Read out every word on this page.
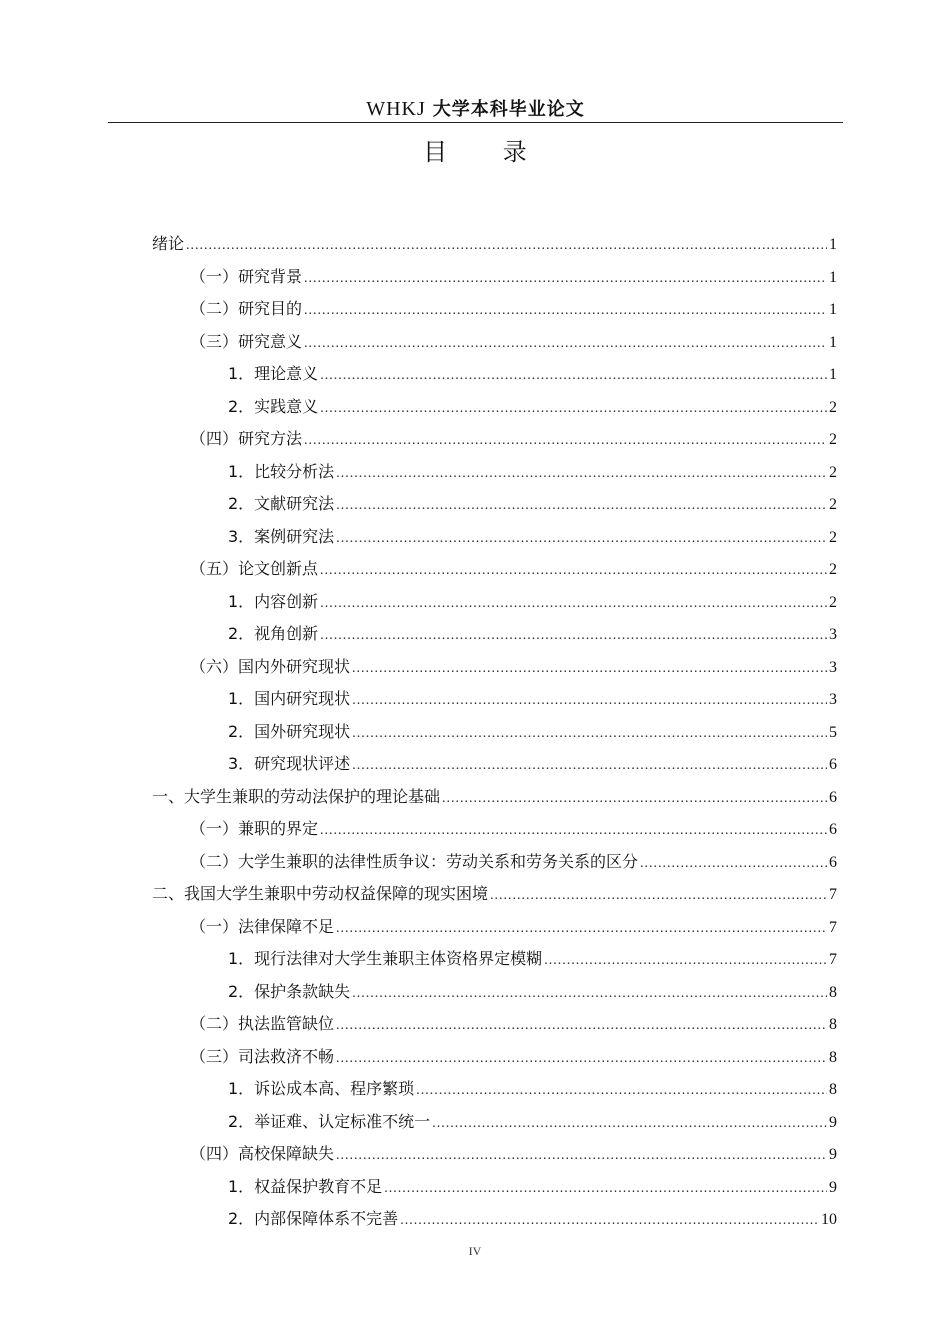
WHKJ 大学本科毕业论文
目 录
绪论 .....	1
（一）研究背景 .....	1
（二）研究目的 .....	1
（三）研究意义 .....	1
1．理论意义 .....	1
2．实践意义 .....	2
（四）研究方法 .....	2
1．比较分析法 .....	2
2．文献研究法 .....	2
3．案例研究法 .....	2
（五）论文创新点 .....	2
1．内容创新 .....	2
2．视角创新 .....	3
（六）国内外研究现状 .....	3
1．国内研究现状 .....	3
2．国外研究现状 .....	5
3．研究现状评述 .....	6
一、大学生兼职的劳动法保护的理论基础 .....	6
（一）兼职的界定 .....	6
（二）大学生兼职的法律性质争议：劳动关系和劳务关系的区分 .....	6
二、我国大学生兼职中劳动权益保障的现实困境 .....	7
（一）法律保障不足 .....	7
1．现行法律对大学生兼职主体资格界定模糊 .....	7
2．保护条款缺失 .....	8
（二）执法监管缺位 .....	8
（三）司法救济不畅 .....	8
1．诉讼成本高、程序繁琐 .....	8
2．举证难、认定标准不统一 .....	9
（四）高校保障缺失 .....	9
1．权益保护教育不足 .....	9
2．内部保障体系不完善 .....	10
IV
